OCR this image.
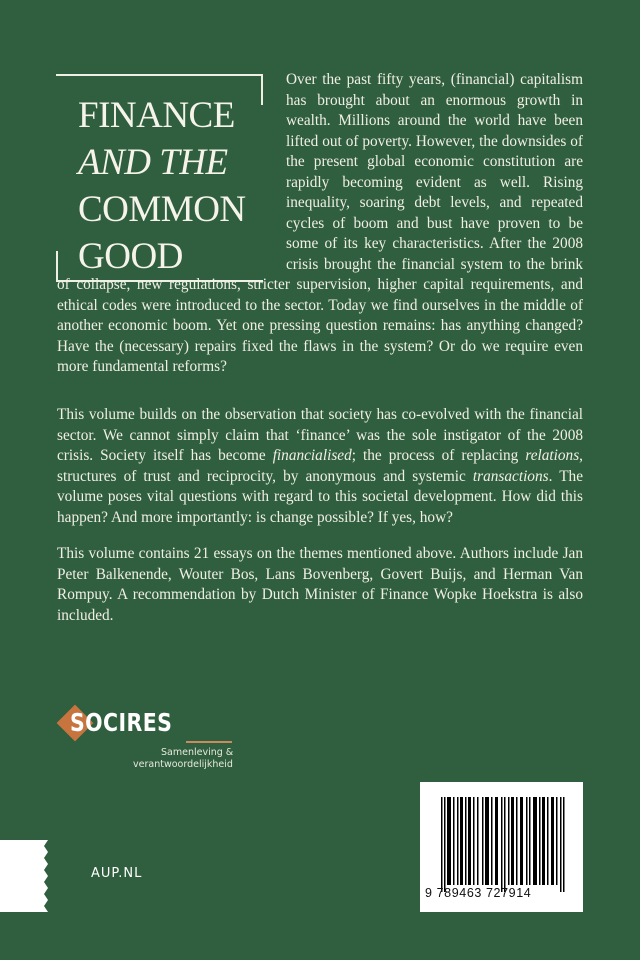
FINANCE
AND THE
COMMON
GOOD

Over the past fifty years, (financial) capitalism has brought about an enormous growth in wealth. Millions around the world have been lifted out of poverty. However, the downsides of the present global economic constitution are rapidly becoming evident as well. Rising inequality, soaring debt levels, and repeated cycles of boom and bust have proven to be some of its key characteristics. After the 2008 crisis brought the financial system to the brink of collapse, new regulations, stricter supervision, higher capital requirements, and ethical codes were introduced to the sector. Today we find ourselves in the middle of another economic boom. Yet one pressing question remains: has anything changed? Have the (necessary) repairs fixed the flaws in the system? Or do we require even more fundamental reforms?

This volume builds on the observation that society has co-evolved with the financial sector. We cannot simply claim that ‘finance’ was the sole instigator of the 2008 crisis. Society itself has become financialised; the process of replacing relations, structures of trust and reciprocity, by anonymous and systemic transactions. The volume poses vital questions with regard to this societal development. How did this happen? And more importantly: is change possible? If yes, how?

This volume contains 21 essays on the themes mentioned above. Authors include Jan Peter Balkenende, Wouter Bos, Lans Bovenberg, Govert Buijs, and Herman Van Rompuy. A recommendation by Dutch Minister of Finance Wopke Hoekstra is also included.

SOCIRES
Samenleving &
verantwoordelijkheid
AUP.NL
9 789463 727914
